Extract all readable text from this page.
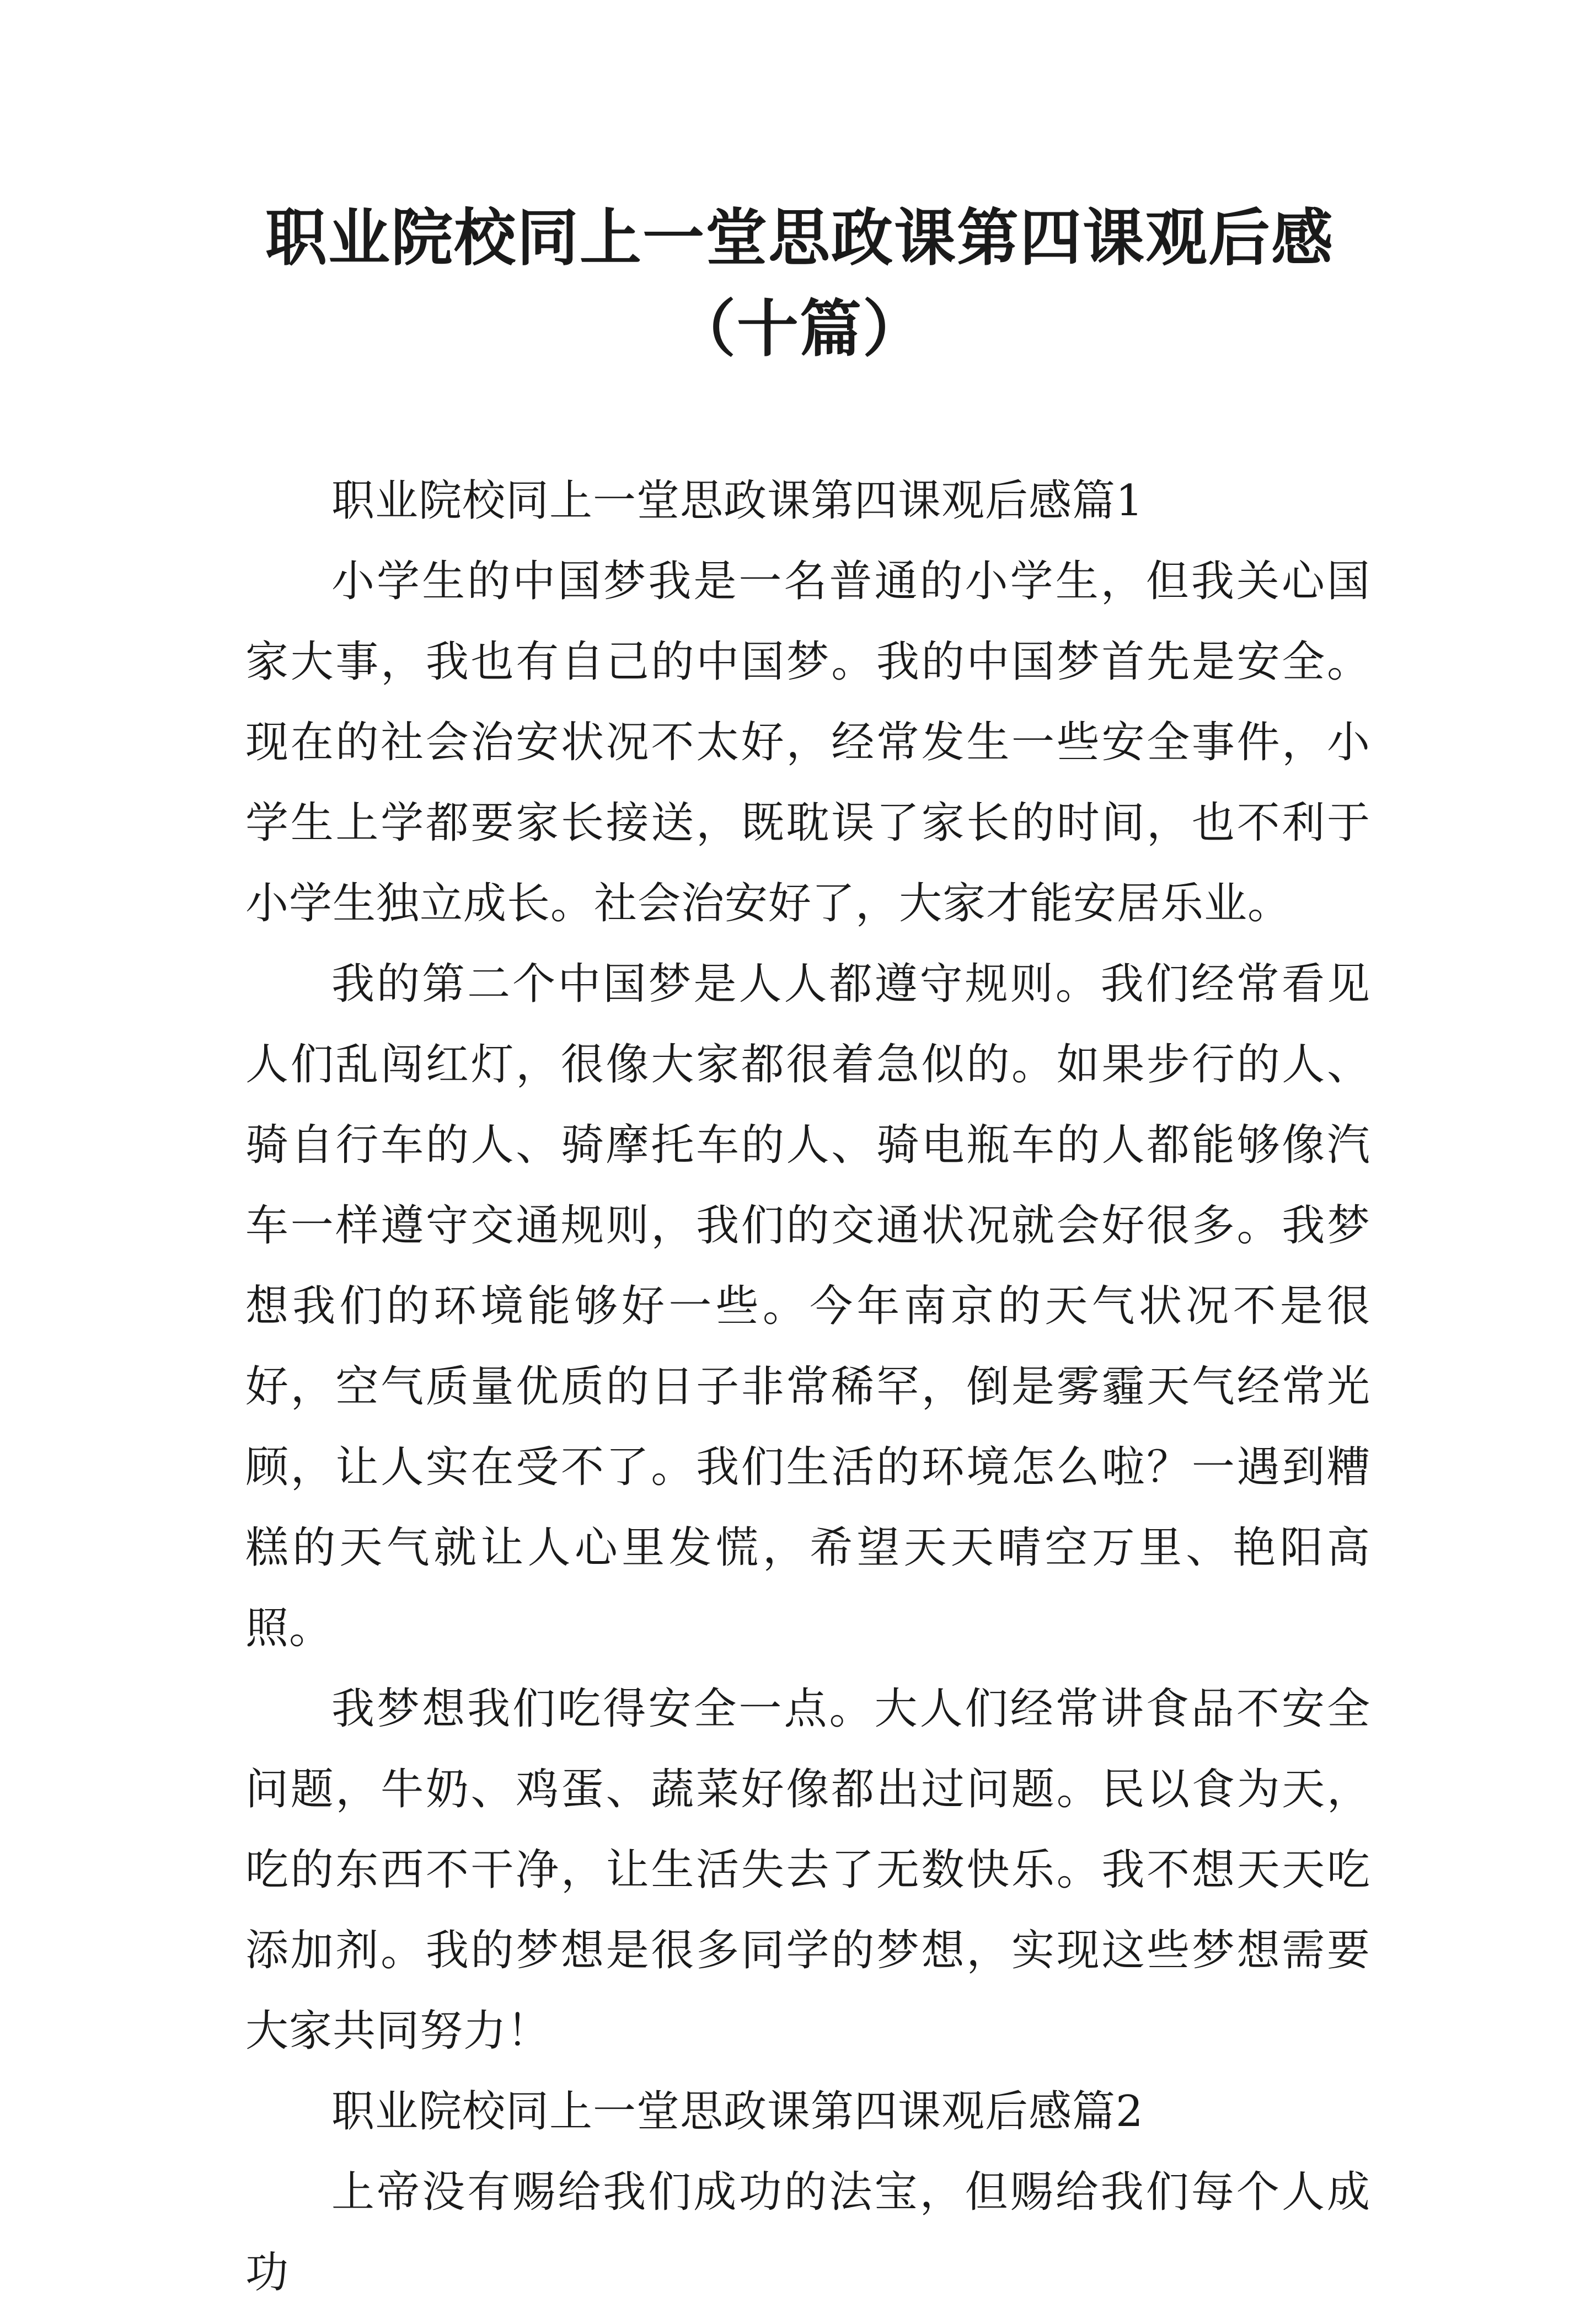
职业院校同上一堂思政课第四课观后感（十篇）

职业院校同上一堂思政课第四课观后感篇1

小学生的中国梦我是一名普通的小学生，但我关心国家大事，我也有自己的中国梦。我的中国梦首先是安全。现在的社会治安状况不太好，经常发生一些安全事件，小学生上学都要家长接送，既耽误了家长的时间，也不利于小学生独立成长。社会治安好了，大家才能安居乐业。

我的第二个中国梦是人人都遵守规则。我们经常看见人们乱闯红灯，很像大家都很着急似的。如果步行的人、骑自行车的人、骑摩托车的人、骑电瓶车的人都能够像汽车一样遵守交通规则，我们的交通状况就会好很多。我梦想我们的环境能够好一些。今年南京的天气状况不是很好，空气质量优质的日子非常稀罕，倒是雾霾天气经常光顾，让人实在受不了。我们生活的环境怎么啦？一遇到糟糕的天气就让人心里发慌，希望天天晴空万里、艳阳高照。

我梦想我们吃得安全一点。大人们经常讲食品不安全问题，牛奶、鸡蛋、蔬菜好像都出过问题。民以食为天，吃的东西不干净，让生活失去了无数快乐。我不想天天吃添加剂。我的梦想是很多同学的梦想，实现这些梦想需要大家共同努力！

职业院校同上一堂思政课第四课观后感篇2

上帝没有赐给我们成功的法宝，但赐给我们每个人成功
